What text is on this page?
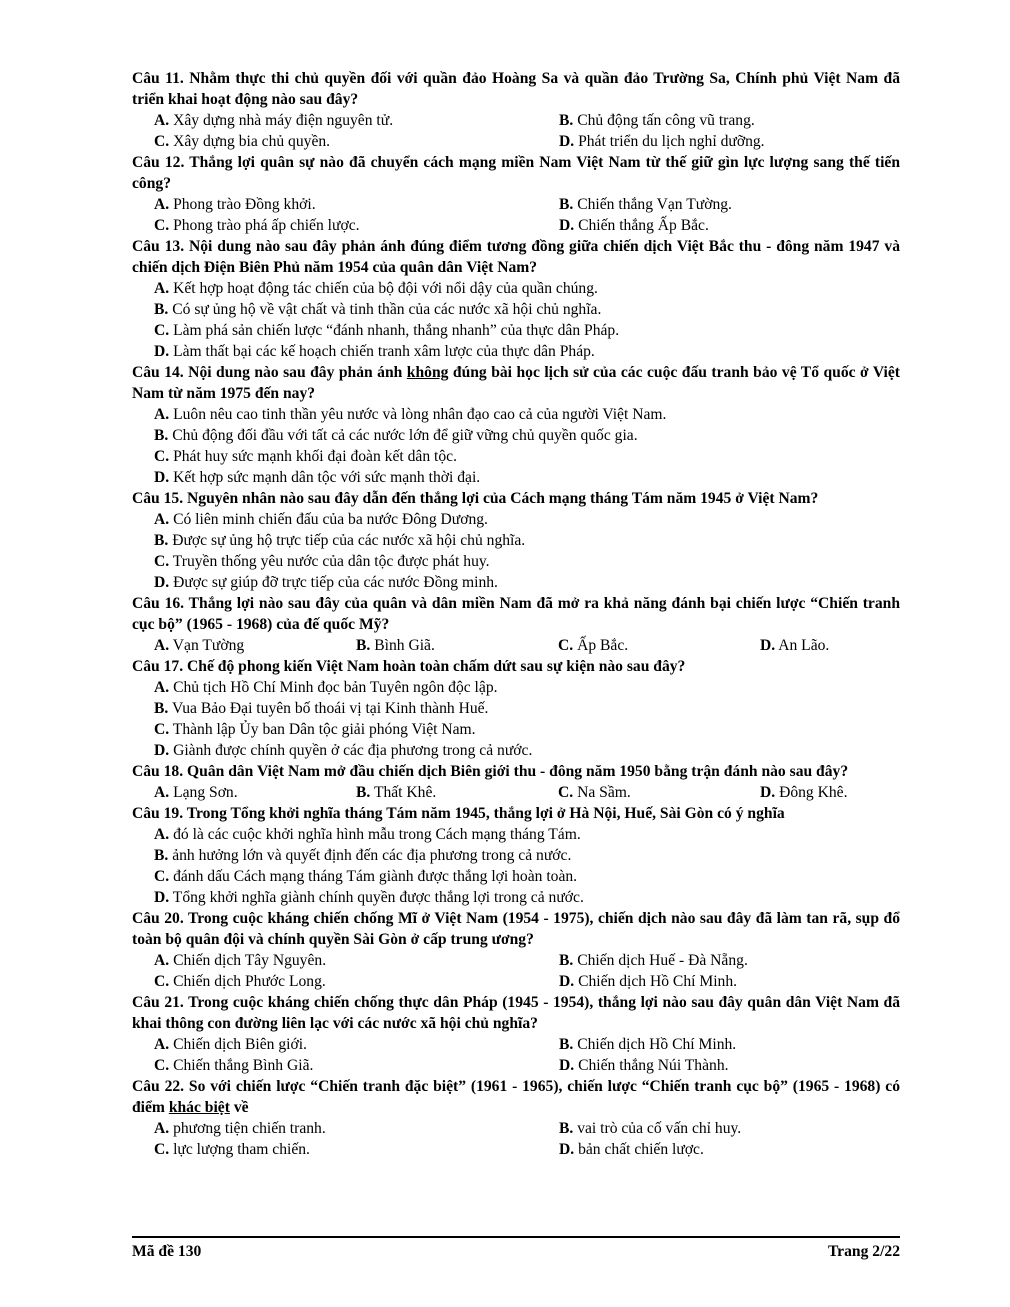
Câu 11. Nhằm thực thi chủ quyền đối với quần đảo Hoàng Sa và quần đảo Trường Sa, Chính phủ Việt Nam đã triển khai hoạt động nào sau đây?
A. Xây dựng nhà máy điện nguyên tử.	B. Chủ động tấn công vũ trang.
C. Xây dựng bia chủ quyền.	D. Phát triển du lịch nghỉ dưỡng.
Câu 12. Thắng lợi quân sự nào đã chuyển cách mạng miền Nam Việt Nam từ thế giữ gìn lực lượng sang thế tiến công?
A. Phong trào Đồng khởi.	B. Chiến thắng Vạn Tường.
C. Phong trào phá ấp chiến lược.	D. Chiến thắng Ấp Bắc.
Câu 13. Nội dung nào sau đây phản ánh đúng điểm tương đồng giữa chiến dịch Việt Bắc thu - đông năm 1947 và chiến dịch Điện Biên Phủ năm 1954 của quân dân Việt Nam?
A. Kết hợp hoạt động tác chiến của bộ đội với nổi dậy của quần chúng.
B. Có sự ủng hộ về vật chất và tinh thần của các nước xã hội chủ nghĩa.
C. Làm phá sản chiến lược “đánh nhanh, thắng nhanh” của thực dân Pháp.
D. Làm thất bại các kế hoạch chiến tranh xâm lược của thực dân Pháp.
Câu 14. Nội dung nào sau đây phản ánh không đúng bài học lịch sử của các cuộc đấu tranh bảo vệ Tổ quốc ở Việt Nam từ năm 1975 đến nay?
A. Luôn nêu cao tinh thần yêu nước và lòng nhân đạo cao cả của người Việt Nam.
B. Chủ động đối đầu với tất cả các nước lớn để giữ vững chủ quyền quốc gia.
C. Phát huy sức mạnh khối đại đoàn kết dân tộc.
D. Kết hợp sức mạnh dân tộc với sức mạnh thời đại.
Câu 15. Nguyên nhân nào sau đây dẫn đến thắng lợi của Cách mạng tháng Tám năm 1945 ở Việt Nam?
A. Có liên minh chiến đấu của ba nước Đông Dương.
B. Được sự ủng hộ trực tiếp của các nước xã hội chủ nghĩa.
C. Truyền thống yêu nước của dân tộc được phát huy.
D. Được sự giúp đỡ trực tiếp của các nước Đồng minh.
Câu 16. Thắng lợi nào sau đây của quân và dân miền Nam đã mở ra khả năng đánh bại chiến lược “Chiến tranh cục bộ” (1965 - 1968) của đế quốc Mỹ?
A. Vạn Tường	B. Bình Giã.	C. Ấp Bắc.	D. An Lão.
Câu 17. Chế độ phong kiến Việt Nam hoàn toàn chấm dứt sau sự kiện nào sau đây?
A. Chủ tịch Hồ Chí Minh đọc bản Tuyên ngôn độc lập.
B. Vua Bảo Đại tuyên bố thoái vị tại Kinh thành Huế.
C. Thành lập Ủy ban Dân tộc giải phóng Việt Nam.
D. Giành được chính quyền ở các địa phương trong cả nước.
Câu 18. Quân dân Việt Nam mở đầu chiến dịch Biên giới thu - đông năm 1950 bằng trận đánh nào sau đây?
A. Lạng Sơn.	B. Thất Khê.	C. Na Sầm.	D. Đông Khê.
Câu 19. Trong Tổng khởi nghĩa tháng Tám năm 1945, thắng lợi ở Hà Nội, Huế, Sài Gòn có ý nghĩa
A. đó là các cuộc khởi nghĩa hình mẫu trong Cách mạng tháng Tám.
B. ảnh hưởng lớn và quyết định đến các địa phương trong cả nước.
C. đánh dấu Cách mạng tháng Tám giành được thắng lợi hoàn toàn.
D. Tổng khởi nghĩa giành chính quyền được thắng lợi trong cả nước.
Câu 20. Trong cuộc kháng chiến chống Mĩ ở Việt Nam (1954 - 1975), chiến dịch nào sau đây đã làm tan rã, sụp đổ toàn bộ quân đội và chính quyền Sài Gòn ở cấp trung ương?
A. Chiến dịch Tây Nguyên.	B. Chiến dịch Huế - Đà Nẵng.
C. Chiến dịch Phước Long.	D. Chiến dịch Hồ Chí Minh.
Câu 21. Trong cuộc kháng chiến chống thực dân Pháp (1945 - 1954), thắng lợi nào sau đây quân dân Việt Nam đã khai thông con đường liên lạc với các nước xã hội chủ nghĩa?
A. Chiến dịch Biên giới.	B. Chiến dịch Hồ Chí Minh.
C. Chiến thắng Bình Giã.	D. Chiến thắng Núi Thành.
Câu 22. So với chiến lược “Chiến tranh đặc biệt” (1961 - 1965), chiến lược “Chiến tranh cục bộ” (1965 - 1968) có điểm khác biệt về
A. phương tiện chiến tranh.	B. vai trò của cố vấn chỉ huy.
C. lực lượng tham chiến.	D. bản chất chiến lược.
Mã đề 130	Trang 2/22
